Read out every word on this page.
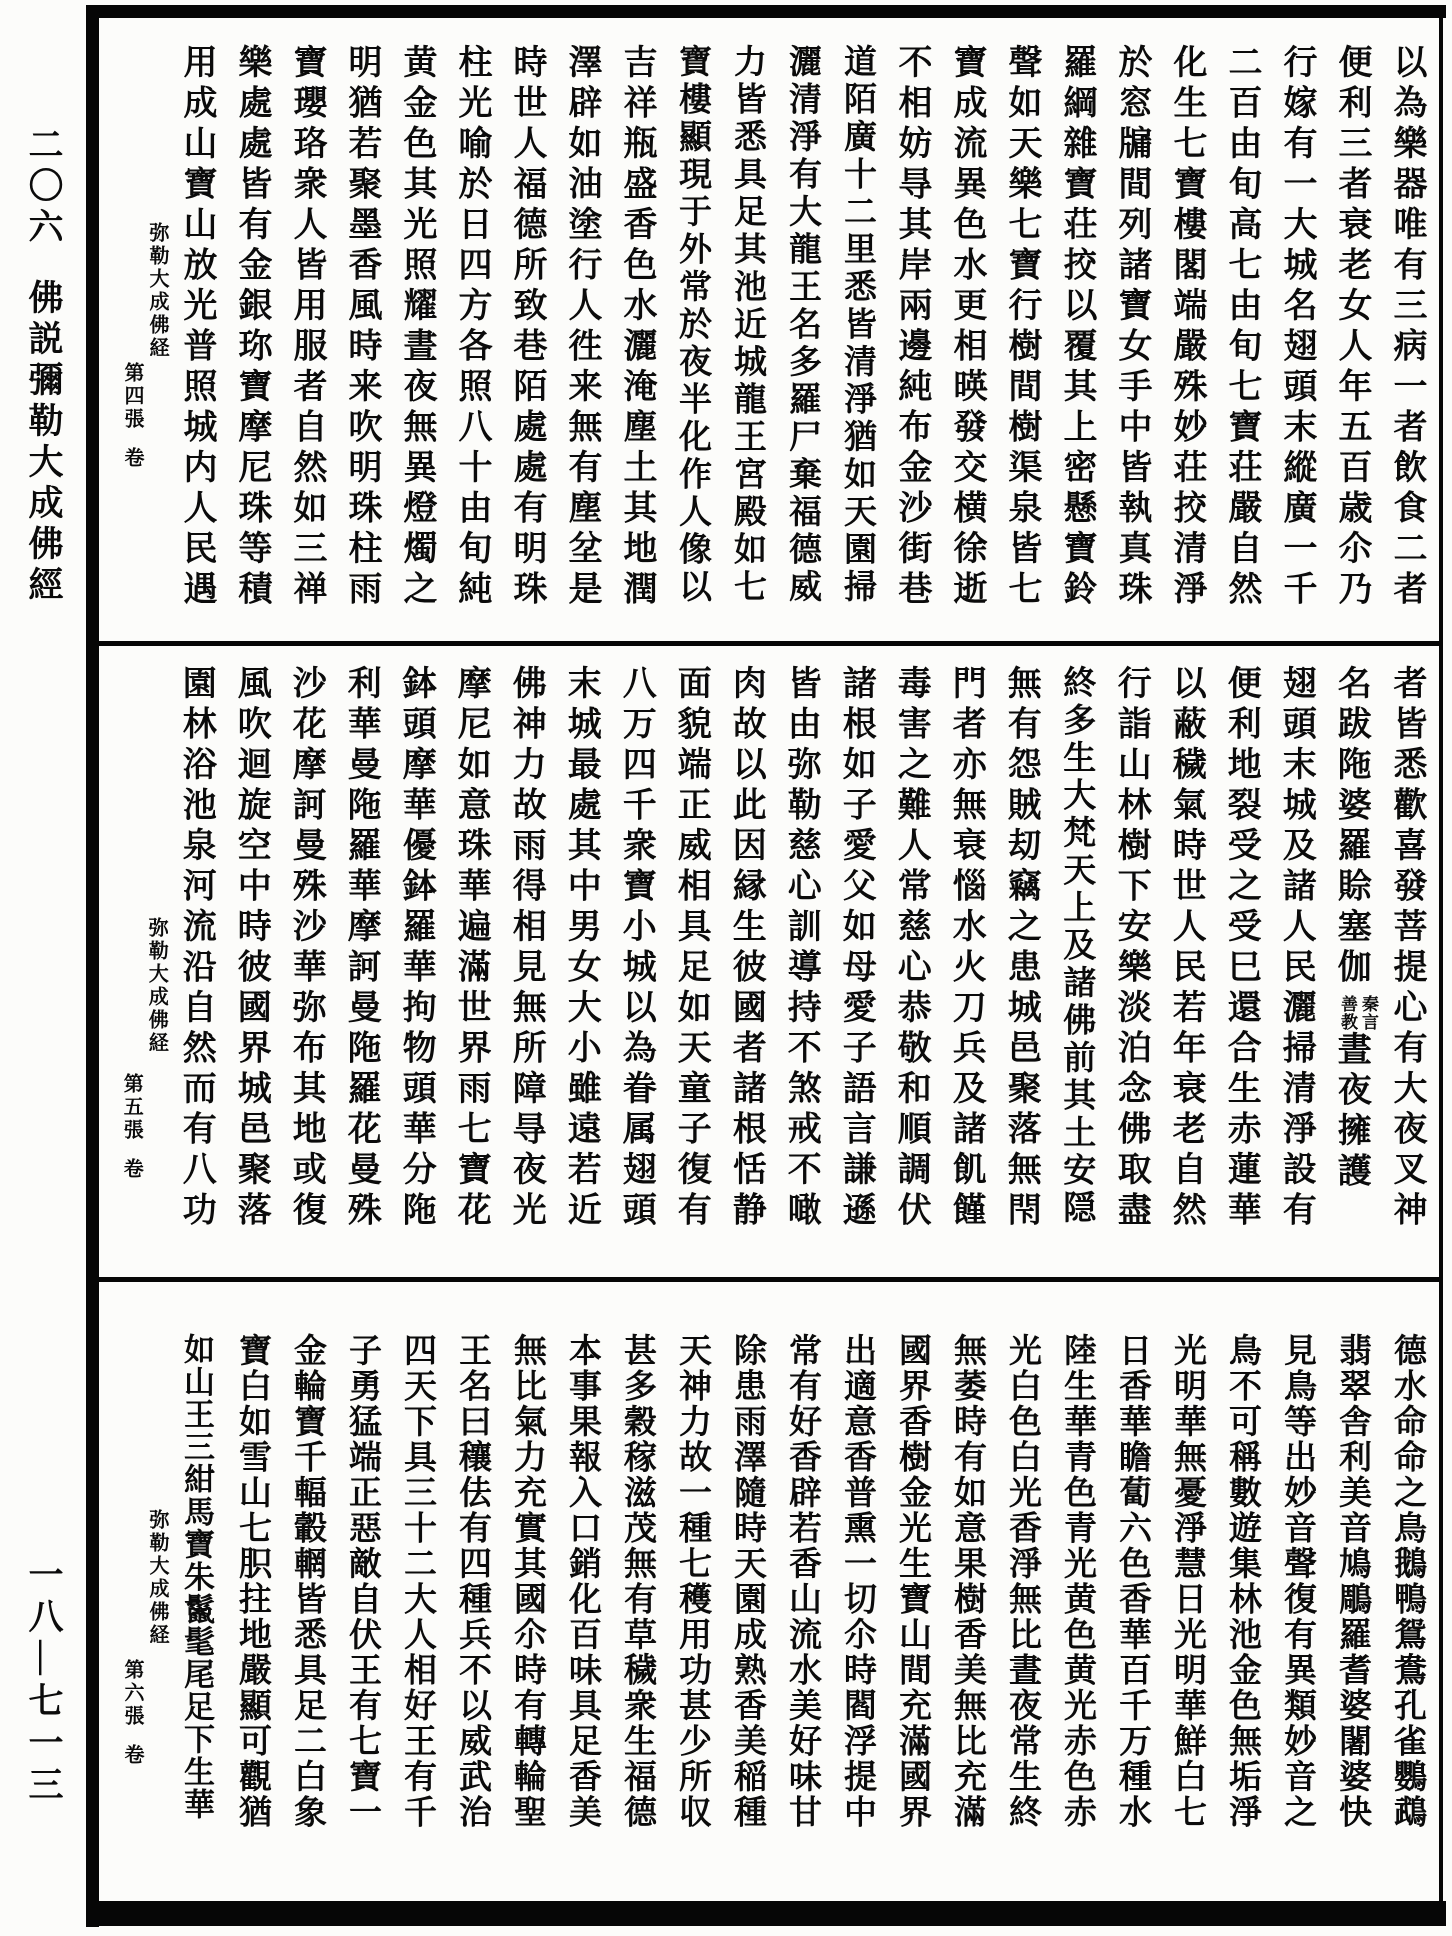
二〇六佛説彌勒大成佛經
一八—七一三
以為樂器唯有三病一者飲食二者
便利三者衰老女人年五百歳尒乃
行嫁有一大城名翅頭末縱廣一千
二百由旬高七由旬七寶荘嚴自然
化生七寶樓閣端嚴殊妙荘挍清淨
於窓牖間列諸寶女手中皆執真珠
羅綱雜寶荘挍以覆其上密懸寶鈴
聲如天樂七寶行樹間樹渠泉皆七
寶成流異色水更相暎發交横徐逝
不相妨㝵其岸兩邊純布金沙街巷
道陌廣十二里悉皆清淨猶如天園掃
灑清淨有大龍王名多羅尸棄福德威
力皆悉具足其池近城龍王宮殿如七
寶樓顯現于外常於夜半化作人像以
吉祥瓶盛香色水灑淹塵土其地潤
澤辟如油塗行人徃来無有塵坌是
時世人福德所致巷陌處處有明珠
柱光喻於日四方各照八十由旬純
黄金色其光照耀晝夜無異燈燭之
明猶若聚墨香風時来吹明珠柱雨
寶瓔珞衆人皆用服者自然如三禅
樂處處皆有金銀珎寶摩尼珠等積
用成山寶山放光普照城内人民遇
弥勒大成佛経
第四張卷
者皆悉歡喜發菩提心有大夜叉神
名跋陁婆羅賒塞伽
秦言
善教
晝夜擁護
翅頭末城及諸人民灑掃清淨設有
便利地裂受之受巳還合生赤蓮華
以蔽穢氣時世人民若年衰老自然
行詣山林樹下安樂淡泊念佛取盡
終多生大梵天上及諸佛前其土安隠
無有怨賊刧竊之患城邑聚落無閇
門者亦無衰惱水火刀兵及諸飢饉
毒害之難人常慈心恭敬和順調伏
諸根如子愛父如母愛子語言謙遜
皆由弥勒慈心訓導持不煞戒不噉
肉故以此因縁生彼國者諸根恬静
面貌端正威相具足如天童子復有
八万四千衆寶小城以為眷属翅頭
末城最處其中男女大小雖遠若近
佛神力故雨得相見無所障㝵夜光
摩尼如意珠華遍滿世界雨七寶花
鉢頭摩華優鉢羅華拘物頭華分陁
利華曼陁羅華摩訶曼陁羅花曼殊
沙花摩訶曼殊沙華弥布其地或復
風吹迴旋空中時彼國界城邑聚落
園林浴池泉河流沿自然而有八功
弥勒大成佛経
第五張卷
德水命命之鳥鵝鴨鴛鴦孔雀鸚鵡
翡翠舎利美音鳩鵰羅耆婆闍婆快
見鳥等出妙音聲復有異類妙音之
鳥不可稱數遊集林池金色無垢淨
光明華無憂淨慧日光明華鮮白七
日香華瞻蔔六色香華百千万種水
陸生華青色青光黄色黄光赤色赤
光白色白光香淨無比晝夜常生終
無萎時有如意果樹香美無比充滿
國界香樹金光生寶山間充滿國界
出適意香普熏一切尒時閻浮提中
常有好香辟若香山流水美好味甘
除患雨澤隨時天園成熟香美稲種
天神力故一種七穫用功甚少所収
甚多穀稼滋茂無有草穢衆生福德
本事果報入口銷化百味具足香美
無比氣力充實其國尒時有轉輪聖
王名曰穰佉有四種兵不以威武治
四天下具三十二大人相好王有千
子勇猛端正惡敵自伏王有七寶一
金輪寶千輻轂輞皆悉具足二白象
寶白如雪山七胑拄地嚴顯可觀猶
如山王三紺馬寶朱鬣髦尾足下生華
弥勒大成佛経
第六張卷
